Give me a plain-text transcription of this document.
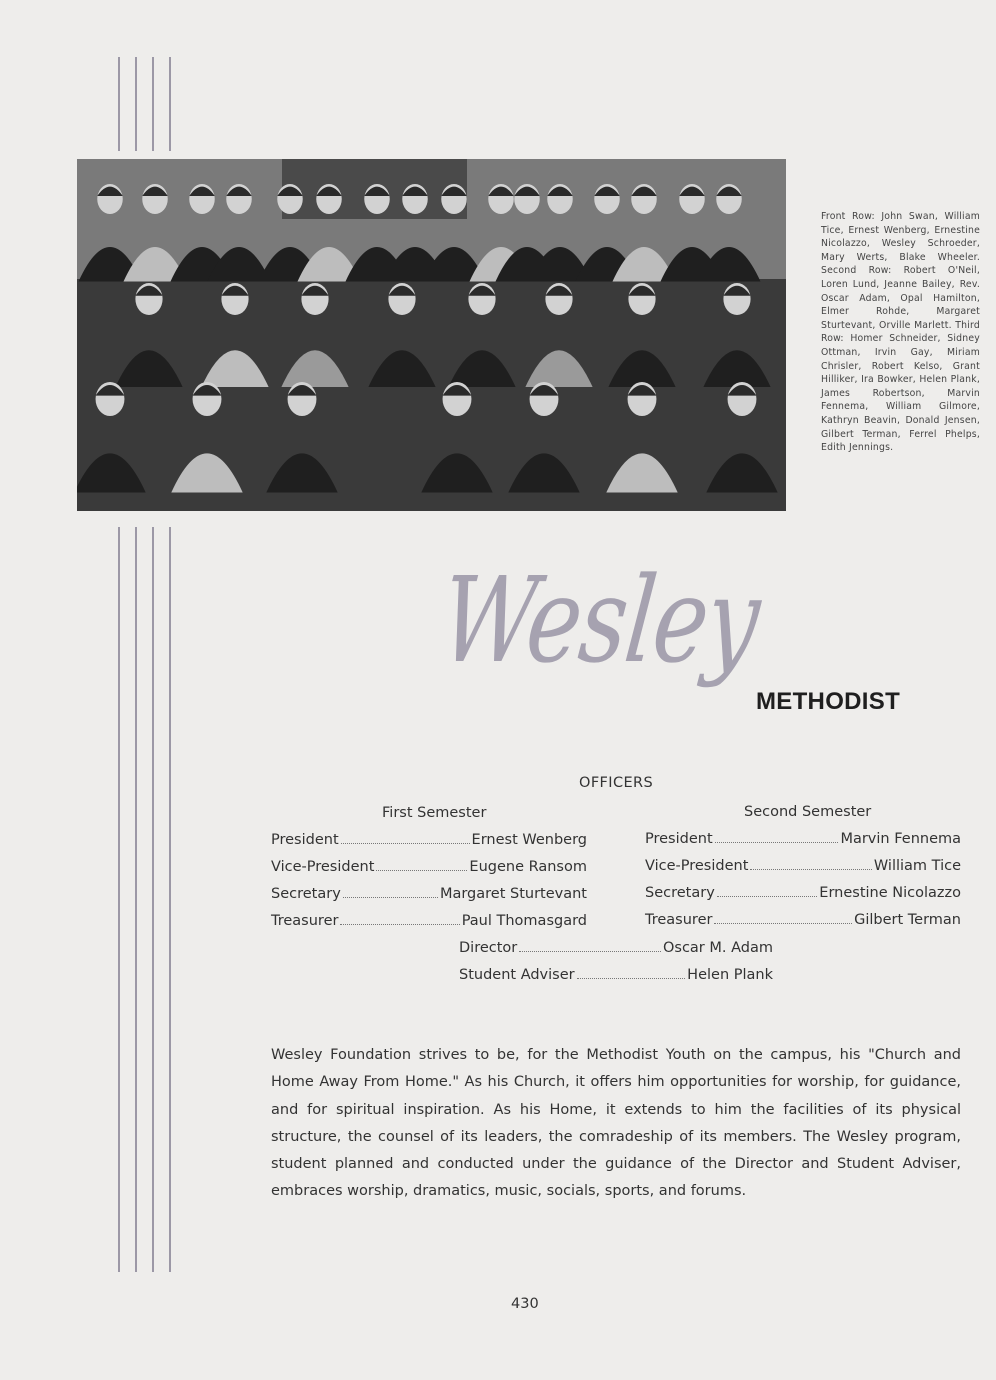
Front Row: John Swan, William Tice, Ernest Wenberg, Ernestine Nicolazzo, Wesley Schroeder, Mary Werts, Blake Wheeler. Second Row: Robert O'Neil, Loren Lund, Jeanne Bailey, Rev. Oscar Adam, Opal Hamilton, Elmer Rohde, Margaret Sturtevant, Orville Marlett. Third Row: Homer Schneider, Sidney Ottman, Irvin Gay, Miriam Chrisler, Robert Kelso, Grant Hilliker, Ira Bowker, Helen Plank, James Robertson, Marvin Fennema, William Gilmore, Kathryn Beavin, Donald Jensen, Gilbert Terman, Ferrel Phelps, Edith Jennings.
Wesley
METHODIST
OFFICERS
First Semester	Second Semester
President	Ernest Wenberg
Vice-President	Eugene Ransom
Secretary	Margaret Sturtevant
Treasurer	Paul Thomasgard
President	Marvin Fennema
Vice-President	William Tice
Secretary	Ernestine Nicolazzo
Treasurer	Gilbert Terman
Director	Oscar M. Adam
Student Adviser	Helen Plank
Wesley Foundation strives to be, for the Methodist Youth on the campus, his "Church and Home Away From Home." As his Church, it offers him opportunities for worship, for guidance, and for spiritual inspiration. As his Home, it extends to him the facilities of its physical structure, the counsel of its leaders, the comradeship of its members. The Wesley program, student planned and conducted under the guidance of the Director and Student Adviser, embraces worship, dramatics, music, socials, sports, and forums.
430
